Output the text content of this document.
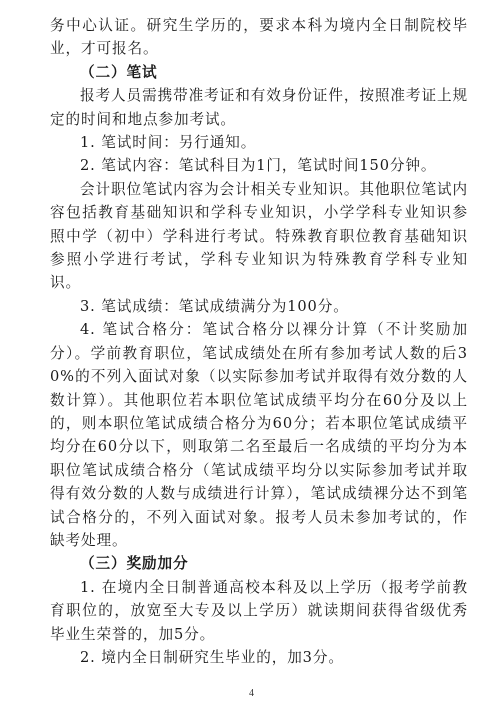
务中心认证。研究生学历的，要求本科为境内全日制院校毕业，才可报名。

（二）笔试

报考人员需携带准考证和有效身份证件，按照准考证上规定的时间和地点参加考试。

1. 笔试时间：另行通知。

2. 笔试内容：笔试科目为1门，笔试时间150分钟。

会计职位笔试内容为会计相关专业知识。其他职位笔试内容包括教育基础知识和学科专业知识，小学学科专业知识参照中学（初中）学科进行考试。特殊教育职位教育基础知识参照小学进行考试，学科专业知识为特殊教育学科专业知识。

3. 笔试成绩：笔试成绩满分为100分。

4. 笔试合格分：笔试合格分以裸分计算（不计奖励加分）。学前教育职位，笔试成绩处在所有参加考试人数的后30%的不列入面试对象（以实际参加考试并取得有效分数的人数计算）。其他职位若本职位笔试成绩平均分在60分及以上的，则本职位笔试成绩合格分为60分；若本职位笔试成绩平均分在60分以下，则取第二名至最后一名成绩的平均分为本职位笔试成绩合格分（笔试成绩平均分以实际参加考试并取得有效分数的人数与成绩进行计算），笔试成绩裸分达不到笔试合格分的，不列入面试对象。报考人员未参加考试的，作缺考处理。

（三）奖励加分

1. 在境内全日制普通高校本科及以上学历（报考学前教育职位的，放宽至大专及以上学历）就读期间获得省级优秀毕业生荣誉的，加5分。

2. 境内全日制研究生毕业的，加3分。

4
